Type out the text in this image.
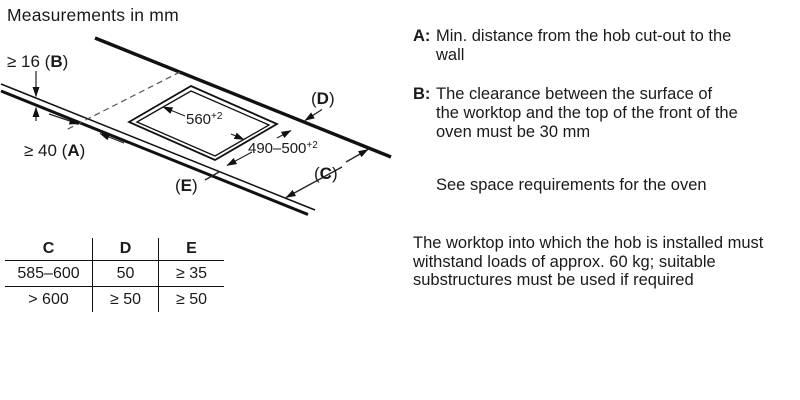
Measurements in mm
≥ 16 (B)
≥ 40 (A)
(D)
(C)
(E)
$560^{+2}$
$490-500^{+2}$
C	D	E
585–600	50	≥ 35
> 600	≥ 50	≥ 50
A: Min. distance from the hob cut-out to the wall
B: The clearance between the surface of the worktop and the top of the front of the oven must be 30 mm
See space requirements for the oven
The worktop into which the hob is installed must withstand loads of approx. 60 kg; suitable substructures must be used if required
